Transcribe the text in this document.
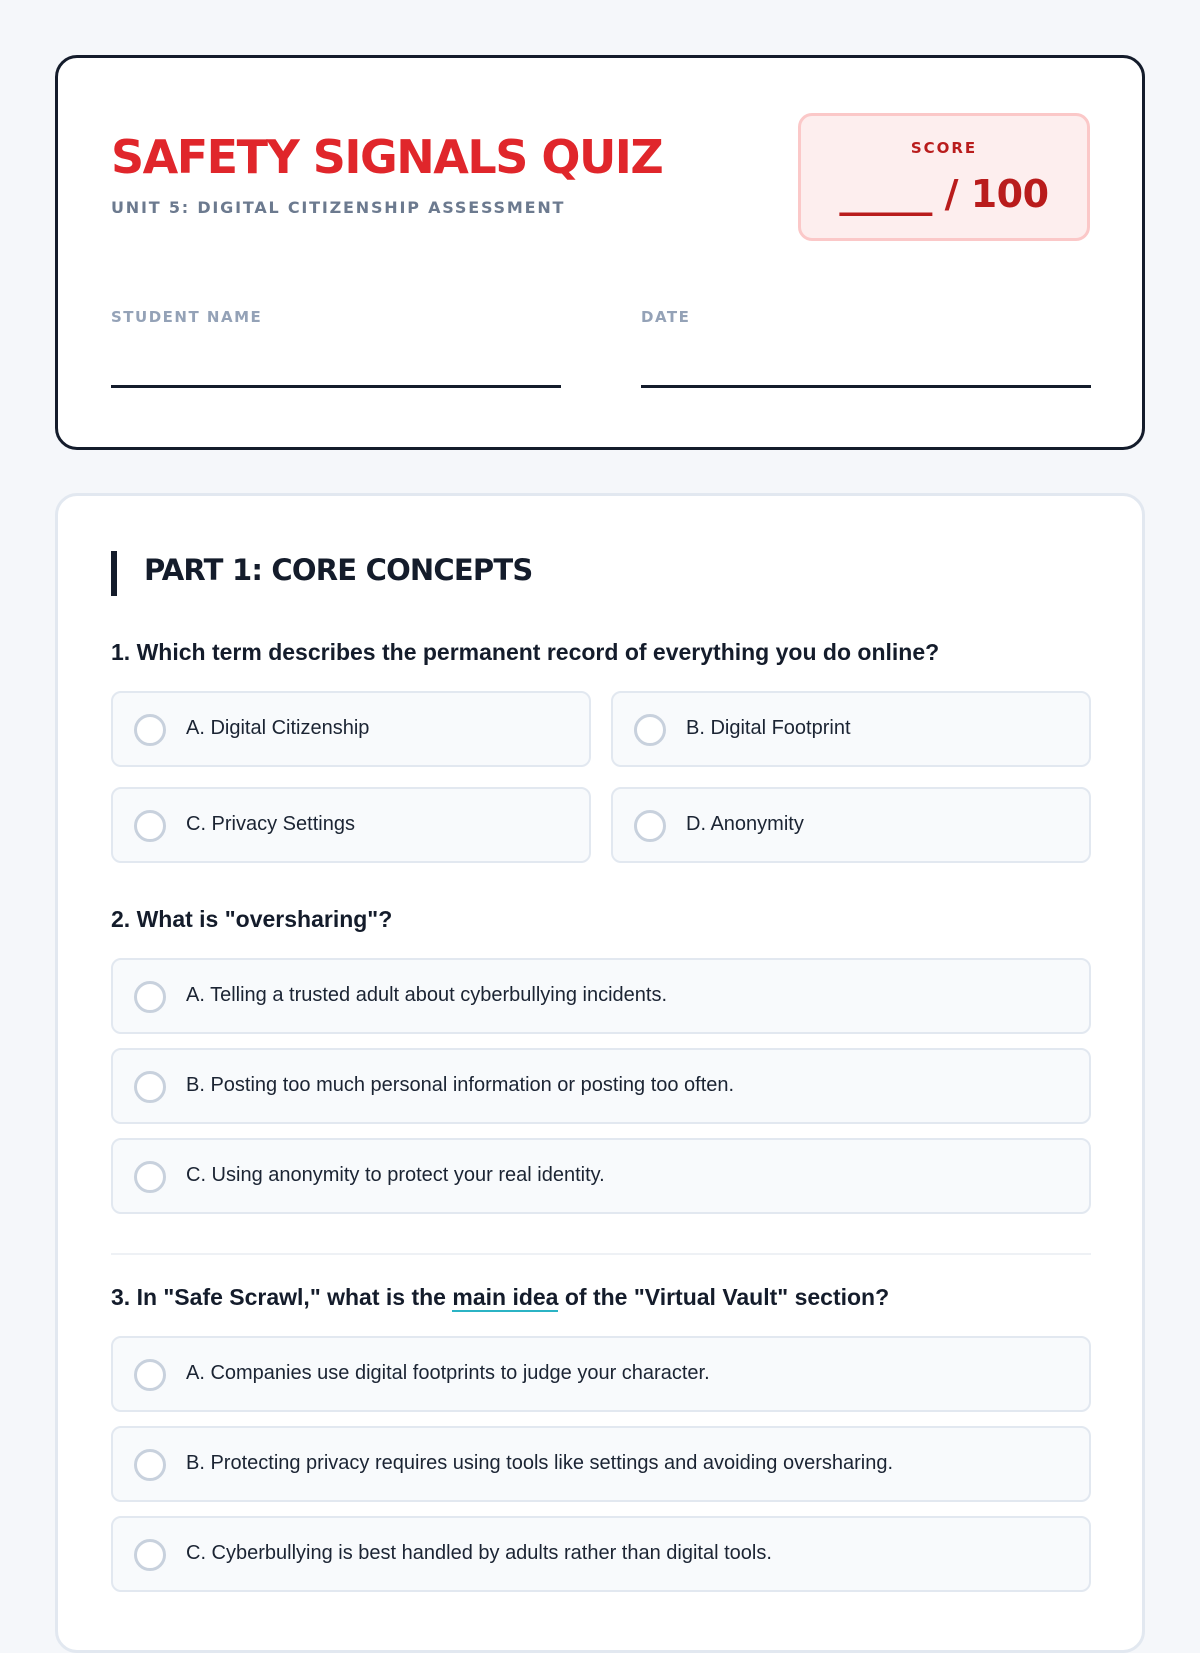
SAFETY SIGNALS QUIZ
UNIT 5: DIGITAL CITIZENSHIP ASSESSMENT
SCORE
_____ / 100
STUDENT NAME	DATE
PART 1: CORE CONCEPTS
1. Which term describes the permanent record of everything you do online?
A. Digital Citizenship	B. Digital Footprint
C. Privacy Settings	D. Anonymity
2. What is "oversharing"?
A. Telling a trusted adult about cyberbullying incidents.
B. Posting too much personal information or posting too often.
C. Using anonymity to protect your real identity.
3. In "Safe Scrawl," what is the main idea of the "Virtual Vault" section?
A. Companies use digital footprints to judge your character.
B. Protecting privacy requires using tools like settings and avoiding oversharing.
C. Cyberbullying is best handled by adults rather than digital tools.
